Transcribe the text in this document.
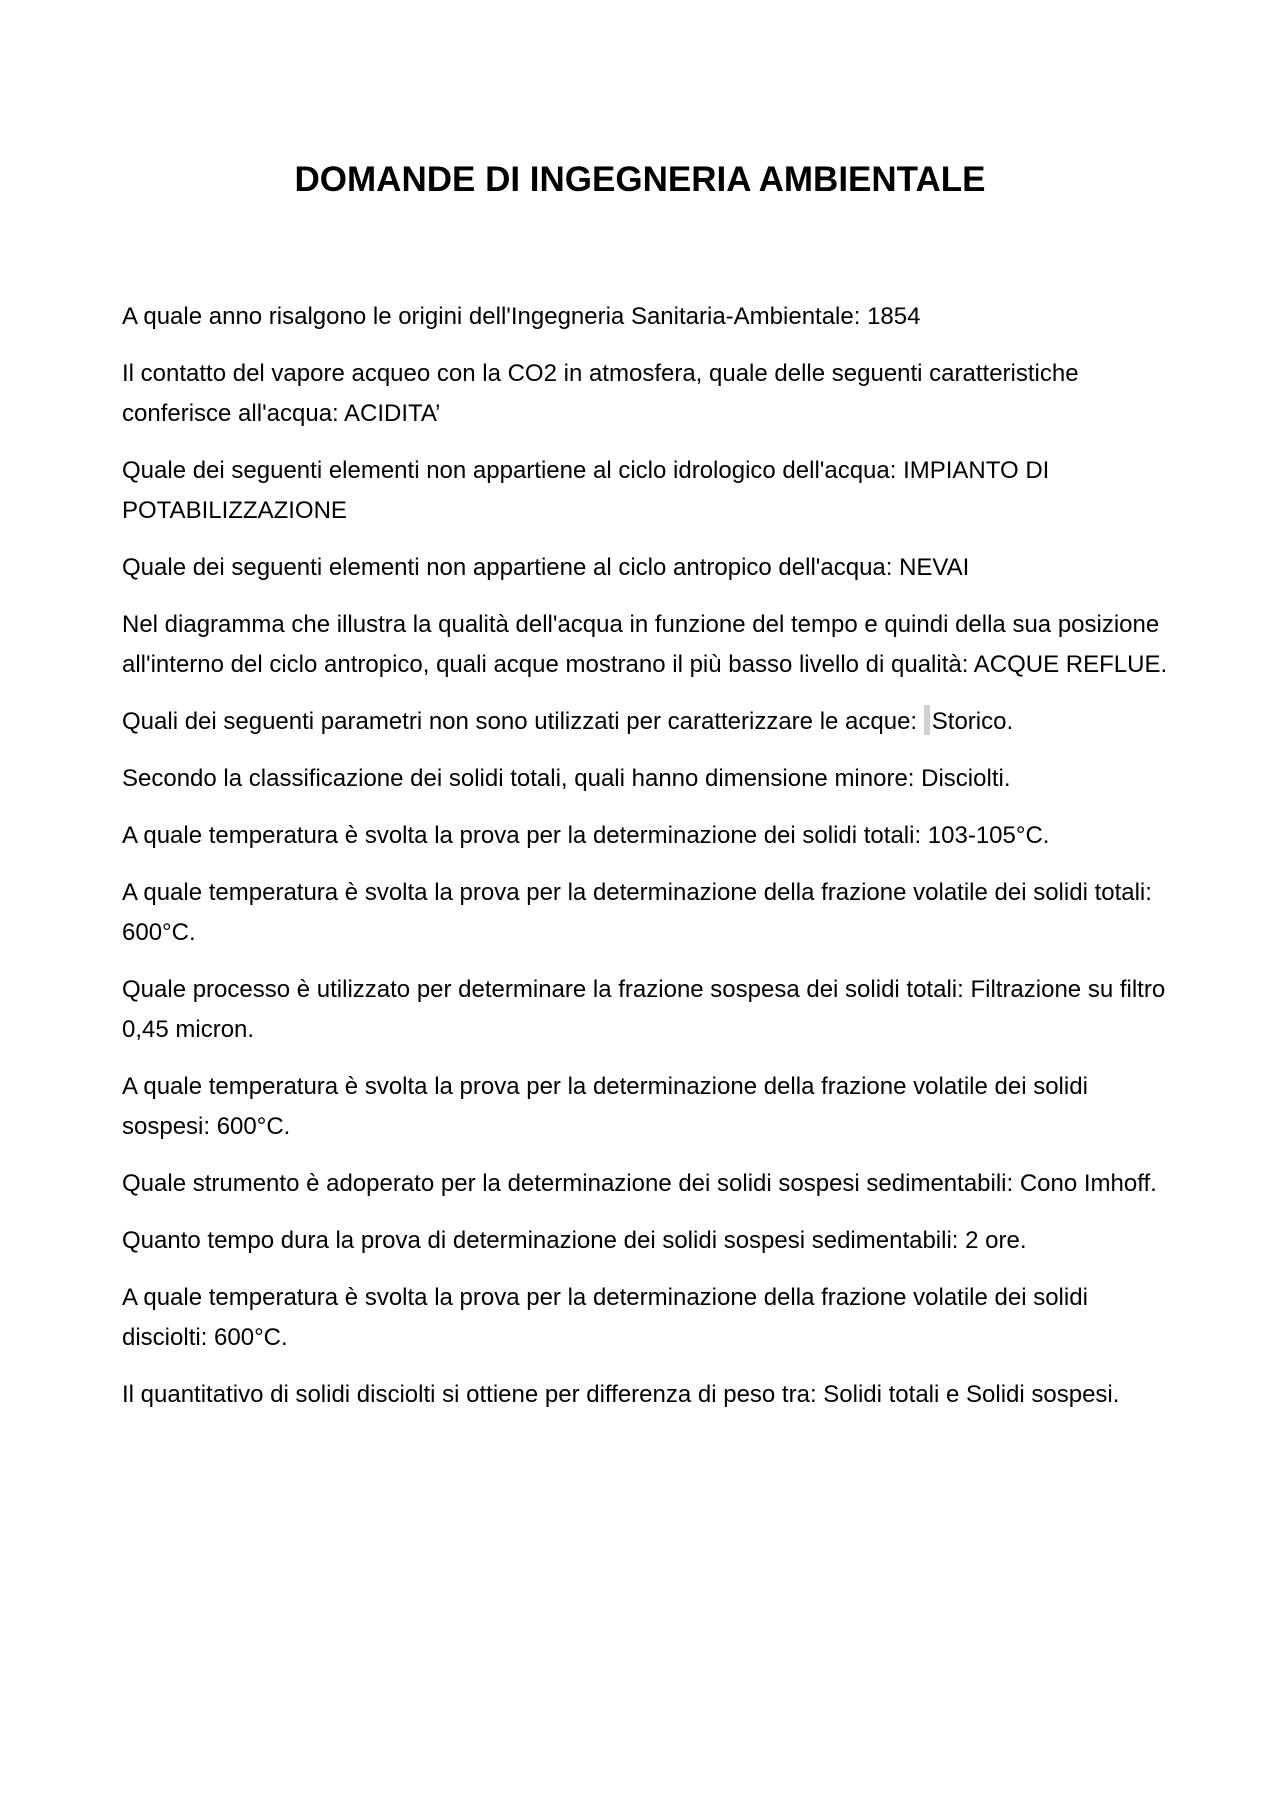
DOMANDE DI INGEGNERIA AMBIENTALE
A quale anno risalgono le origini dell'Ingegneria Sanitaria-Ambientale: 1854
Il contatto del vapore acqueo con la CO2 in atmosfera, quale delle seguenti caratteristiche conferisce all'acqua: ACIDITA’
Quale dei seguenti elementi non appartiene al ciclo idrologico dell'acqua: IMPIANTO DI POTABILIZZAZIONE
Quale dei seguenti elementi non appartiene al ciclo antropico dell'acqua: NEVAI
Nel diagramma che illustra la qualità dell'acqua in funzione del tempo e quindi della sua posizione all'interno del ciclo antropico, quali acque mostrano il più basso livello di qualità: ACQUE REFLUE.
Quali dei seguenti parametri non sono utilizzati per caratterizzare le acque: Storico.
Secondo la classificazione dei solidi totali, quali hanno dimensione minore: Disciolti.
A quale temperatura è svolta la prova per la determinazione dei solidi totali: 103-105°C.
A quale temperatura è svolta la prova per la determinazione della frazione volatile dei solidi totali: 600°C.
Quale processo è utilizzato per determinare la frazione sospesa dei solidi totali: Filtrazione su filtro 0,45 micron.
A quale temperatura è svolta la prova per la determinazione della frazione volatile dei solidi sospesi: 600°C.
Quale strumento è adoperato per la determinazione dei solidi sospesi sedimentabili: Cono Imhoff.
Quanto tempo dura la prova di determinazione dei solidi sospesi sedimentabili: 2 ore.
A quale temperatura è svolta la prova per la determinazione della frazione volatile dei solidi disciolti: 600°C.
Il quantitativo di solidi disciolti si ottiene per differenza di peso tra: Solidi totali e Solidi sospesi.
